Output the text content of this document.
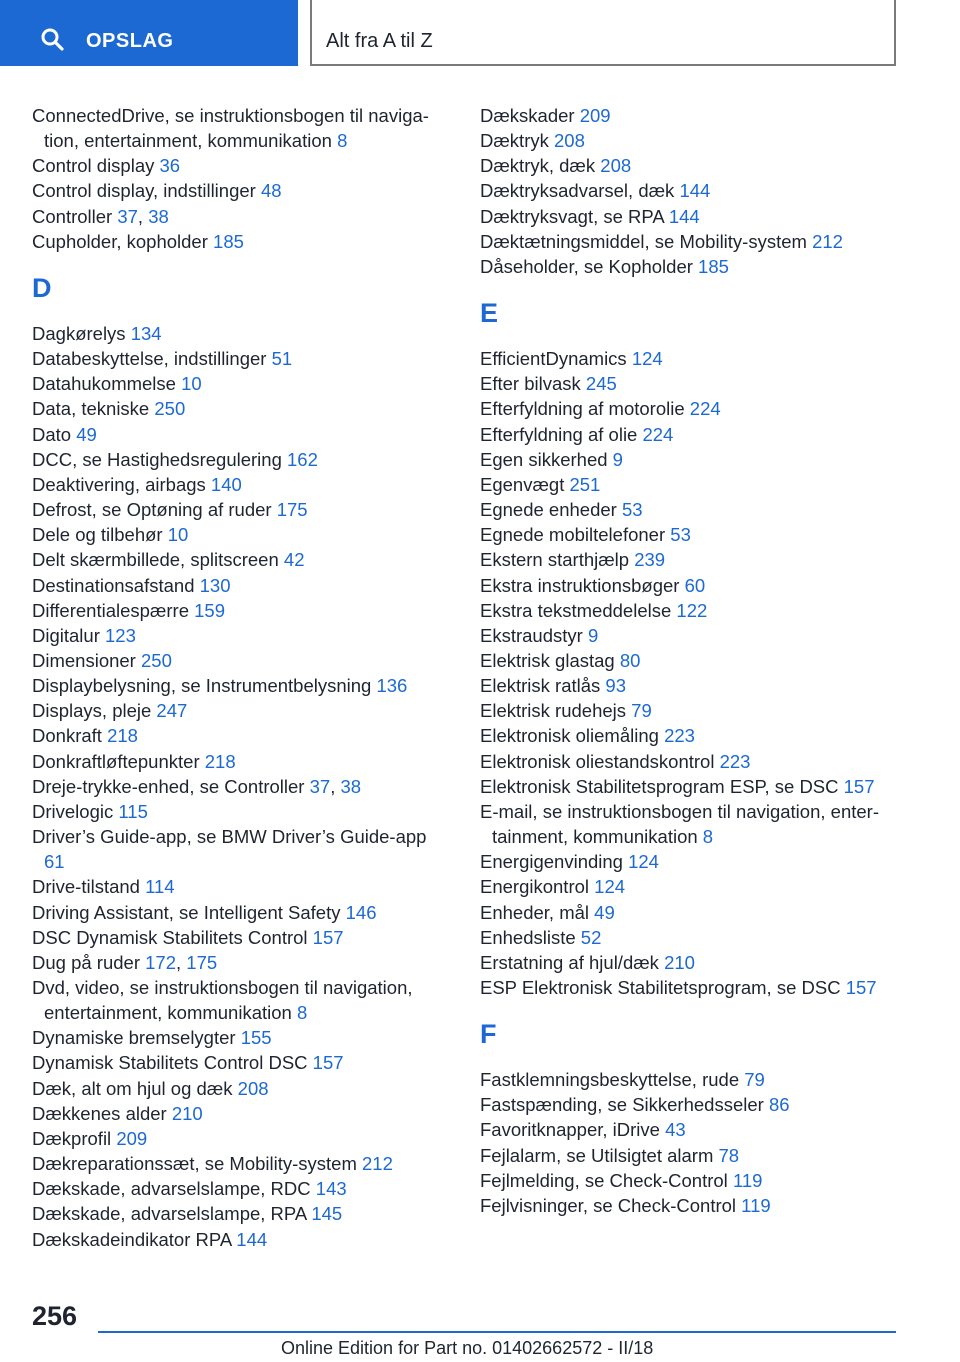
OPSLAG	Alt fra A til Z
ConnectedDrive, se instruktionsbogen til navigation, entertainment, kommunikation 8
Control display 36
Control display, indstillinger 48
Controller 37, 38
Cupholder, kopholder 185
D
Dagkørelys 134
Databeskyttelse, indstillinger 51
Datahukommelse 10
Data, tekniske 250
Dato 49
DCC, se Hastighedsregulering 162
Deaktivering, airbags 140
Defrost, se Optøning af ruder 175
Dele og tilbehør 10
Delt skærmbillede, splitscreen 42
Destinationsafstand 130
Differentialespærre 159
Digitalur 123
Dimensioner 250
Displaybelysning, se Instrumentbelysning 136
Displays, pleje 247
Donkraft 218
Donkraftløftepunkter 218
Dreje-trykke-enhed, se Controller 37, 38
Drivelogic 115
Driver’s Guide-app, se BMW Driver’s Guide-app 61
Drive-tilstand 114
Driving Assistant, se Intelligent Safety 146
DSC Dynamisk Stabilitets Control 157
Dug på ruder 172, 175
Dvd, video, se instruktionsbogen til navigation, entertainment, kommunikation 8
Dynamiske bremselygter 155
Dynamisk Stabilitets Control DSC 157
Dæk, alt om hjul og dæk 208
Dækkenes alder 210
Dækprofil 209
Dækreparationssæt, se Mobility-system 212
Dækskade, advarselslampe, RDC 143
Dækskade, advarselslampe, RPA 145
Dækskadeindikator RPA 144
Dækskader 209
Dæktryk 208
Dæktryk, dæk 208
Dæktryksadvarsel, dæk 144
Dæktryksvagt, se RPA 144
Dæktætningsmiddel, se Mobility-system 212
Dåseholder, se Kopholder 185
E
EfficientDynamics 124
Efter bilvask 245
Efterfyldning af motorolie 224
Efterfyldning af olie 224
Egen sikkerhed 9
Egenvægt 251
Egnede enheder 53
Egnede mobiltelefoner 53
Ekstern starthjælp 239
Ekstra instruktionsbøger 60
Ekstra tekstmeddelelse 122
Ekstraudstyr 9
Elektrisk glastag 80
Elektrisk ratlås 93
Elektrisk rudehejs 79
Elektronisk oliemåling 223
Elektronisk oliestandskontrol 223
Elektronisk Stabilitetsprogram ESP, se DSC 157
E-mail, se instruktionsbogen til navigation, entertainment, kommunikation 8
Energigenvinding 124
Energikontrol 124
Enheder, mål 49
Enhedsliste 52
Erstatning af hjul/dæk 210
ESP Elektronisk Stabilitetsprogram, se DSC 157
F
Fastklemningsbeskyttelse, rude 79
Fastspænding, se Sikkerhedsseler 86
Favoritknapper, iDrive 43
Fejlalarm, se Utilsigtet alarm 78
Fejlmelding, se Check-Control 119
Fejlvisninger, se Check-Control 119
256
Online Edition for Part no. 01402662572 - II/18
